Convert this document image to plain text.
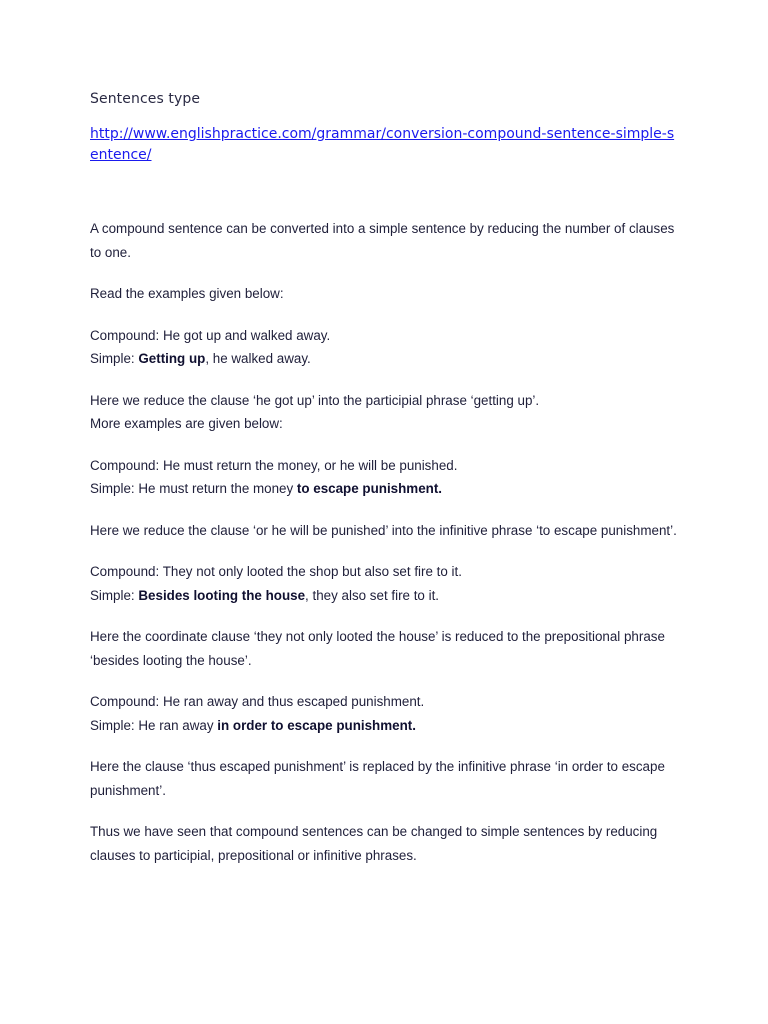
Sentences type
http://www.englishpractice.com/grammar/conversion-compound-sentence-simple-sentence/

A compound sentence can be converted into a simple sentence by reducing the number of clauses to one.

Read the examples given below:

Compound: He got up and walked away.
Simple: Getting up, he walked away.

Here we reduce the clause ‘he got up’ into the participial phrase ‘getting up’.
More examples are given below:

Compound: He must return the money, or he will be punished.
Simple: He must return the money to escape punishment.

Here we reduce the clause ‘or he will be punished’ into the infinitive phrase ‘to escape punishment’.

Compound: They not only looted the shop but also set fire to it.
Simple: Besides looting the house, they also set fire to it.

Here the coordinate clause ‘they not only looted the house’ is reduced to the prepositional phrase ‘besides looting the house’.

Compound: He ran away and thus escaped punishment.
Simple: He ran away in order to escape punishment.

Here the clause ‘thus escaped punishment’ is replaced by the infinitive phrase ‘in order to escape punishment’.

Thus we have seen that compound sentences can be changed to simple sentences by reducing clauses to participial, prepositional or infinitive phrases.
